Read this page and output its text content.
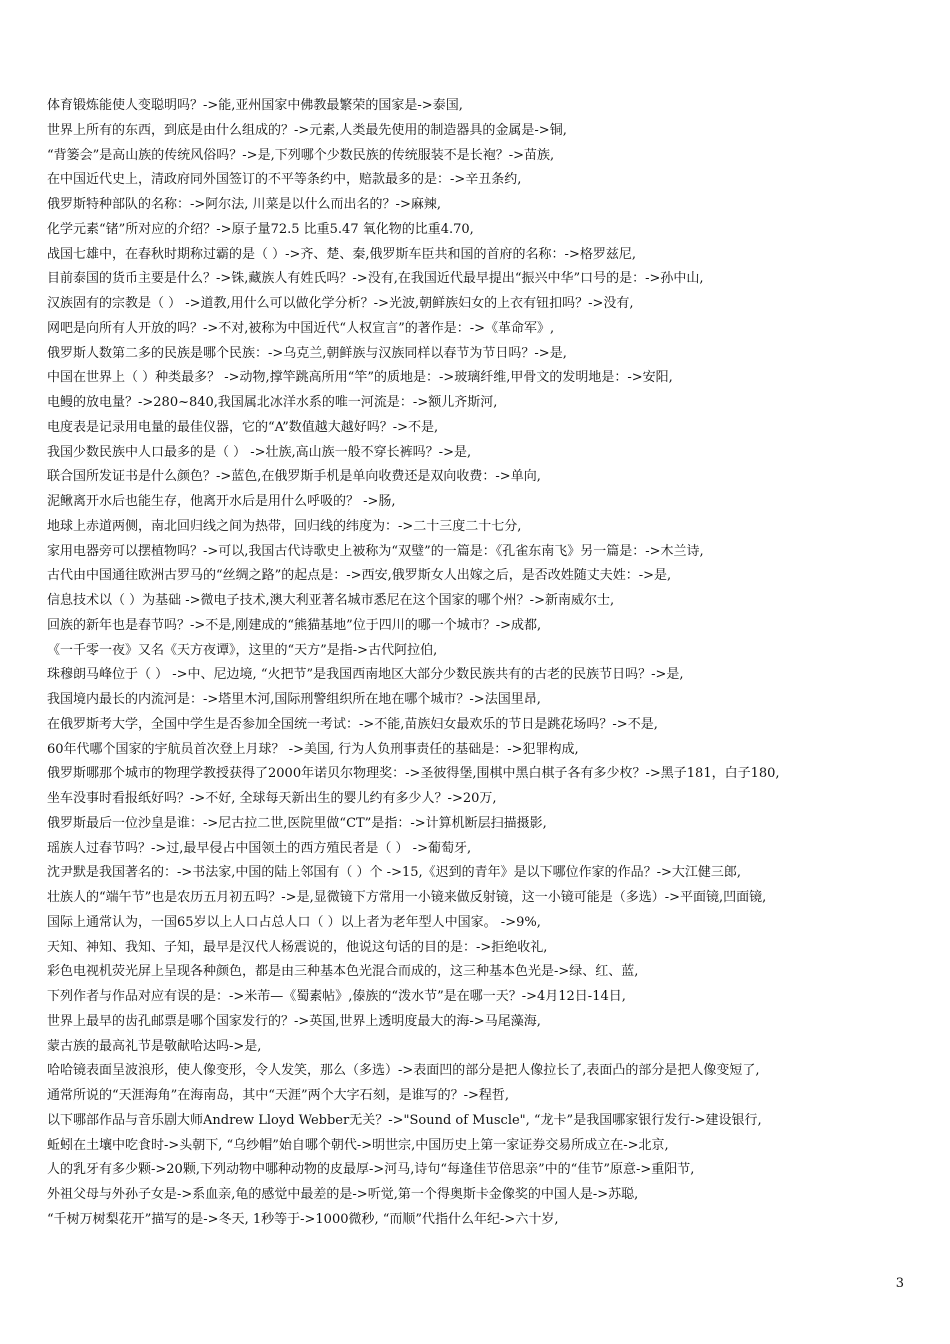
体育锻炼能使人变聪明吗？->能,亚州国家中佛教最繁荣的国家是->泰国,
世界上所有的东西，到底是由什么组成的？->元素,人类最先使用的制造器具的金属是->铜,
“背篓会”是高山族的传统风俗吗？->是,下列哪个少数民族的传统服装不是长袍？->苗族,
在中国近代史上，清政府同外国签订的不平等条约中，赔款最多的是：->辛丑条约,
俄罗斯特种部队的名称：->阿尔法, 川菜是以什么而出名的？->麻辣,
化学元素“锗”所对应的介绍？->原子量72.5 比重5.47 氧化物的比重4.70,
战国七雄中，在春秋时期称过霸的是（ ）->齐、楚、秦,俄罗斯车臣共和国的首府的名称：->格罗兹尼,
目前泰国的货币主要是什么？->铢,藏族人有姓氏吗？->没有,在我国近代最早提出“振兴中华”口号的是：->孙中山,
汉族固有的宗教是（ ） ->道教,用什么可以做化学分析？->光波,朝鲜族妇女的上衣有钮扣吗？->没有,
网吧是向所有人开放的吗？->不对,被称为中国近代“人权宣言”的著作是：->《革命军》,
俄罗斯人数第二多的民族是哪个民族：->乌克兰,朝鲜族与汉族同样以春节为节日吗？->是,
中国在世界上（ ）种类最多？ ->动物,撑竿跳高所用“竿”的质地是：->玻璃纤维,甲骨文的发明地是：->安阳,
电鳗的放电量？->280~840,我国属北冰洋水系的唯一河流是：->额儿齐斯河,
电度表是记录用电量的最佳仪器，它的“A”数值越大越好吗？->不是,
我国少数民族中人口最多的是（ ） ->壮族,高山族一般不穿长裤吗？->是,
联合国所发证书是什么颜色？->蓝色,在俄罗斯手机是单向收费还是双向收费：->单向,
泥鳅离开水后也能生存，他离开水后是用什么呼吸的？ ->肠,
地球上赤道两侧，南北回归线之间为热带，回归线的纬度为：->二十三度二十七分,
家用电器旁可以摆植物吗？->可以,我国古代诗歌史上被称为“双璧”的一篇是：《孔雀东南飞》另一篇是：->木兰诗,
古代由中国通往欧洲古罗马的“丝绸之路”的起点是：->西安,俄罗斯女人出嫁之后，是否改姓随丈夫姓：->是,
信息技术以（ ）为基础 ->微电子技术,澳大利亚著名城市悉尼在这个国家的哪个州？->新南威尔士,
回族的新年也是春节吗？->不是,刚建成的“熊猫基地”位于四川的哪一个城市？->成都,
《一千零一夜》又名《天方夜谭》，这里的“天方”是指->古代阿拉伯,
珠穆朗马峰位于（ ） ->中、尼边境, “火把节”是我国西南地区大部分少数民族共有的古老的民族节日吗？->是,
我国境内最长的内流河是：->塔里木河,国际刑警组织所在地在哪个城市？->法国里昂,
在俄罗斯考大学，全国中学生是否参加全国统一考试：->不能,苗族妇女最欢乐的节日是跳花场吗？->不是,
60年代哪个国家的宇航员首次登上月球？ ->美国, 行为人负刑事责任的基础是：->犯罪构成,
俄罗斯哪那个城市的物理学教授获得了2000年诺贝尔物理奖：->圣彼得堡,围棋中黑白棋子各有多少枚？->黑子181，白子180,
坐车没事时看报纸好吗？->不好, 全球每天新出生的婴儿约有多少人？->20万,
俄罗斯最后一位沙皇是谁：->尼古拉二世,医院里做“CT”是指：->计算机断层扫描摄影,
瑶族人过春节吗？->过,最早侵占中国领土的西方殖民者是（ ） ->葡萄牙,
沈尹默是我国著名的：->书法家,中国的陆上邻国有（ ）个 ->15,《迟到的青年》是以下哪位作家的作品？->大江健三郎,
壮族人的“端午节”也是农历五月初五吗？->是,显微镜下方常用一小镜来做反射镜，这一小镜可能是（多选）->平面镜,凹面镜,
国际上通常认为，一国65岁以上人口占总人口（ ）以上者为老年型人中国家。 ->9%,
天知、神知、我知、子知，最早是汉代人杨震说的，他说这句话的目的是：->拒绝收礼,
彩色电视机荧光屏上呈现各种颜色，都是由三种基本色光混合而成的，这三种基本色光是->绿、红、蓝,
下列作者与作品对应有误的是：->米芾—《蜀素帖》,傣族的“泼水节”是在哪一天？->4月12日-14日,
世界上最早的齿孔邮票是哪个国家发行的？->英国,世界上透明度最大的海->马尾藻海,
蒙古族的最高礼节是敬献哈达吗->是,
哈哈镜表面呈波浪形，使人像变形，令人发笑，那么（多选）->表面凹的部分是把人像拉长了,表面凸的部分是把人像变短了,
通常所说的“天涯海角”在海南岛，其中“天涯”两个大字石刻，是谁写的？->程哲,
以下哪部作品与音乐剧大师Andrew Lloyd Webber无关？->"Sound of Muscle", “龙卡”是我国哪家银行发行->建设银行,
蚯蚓在土壤中吃食时->头朝下, “乌纱帽”始自哪个朝代->明世宗,中国历史上第一家证券交易所成立在->北京,
人的乳牙有多少颗->20颗,下列动物中哪种动物的皮最厚->河马,诗句“每逢佳节倍思亲”中的“佳节”原意->重阳节,
外祖父母与外孙子女是->系血亲,龟的感觉中最差的是->听觉,第一个得奥斯卡金像奖的中国人是->苏聪,
“千树万树梨花开”描写的是->冬天, 1秒等于->1000微秒, “而顺”代指什么年纪->六十岁,
3
